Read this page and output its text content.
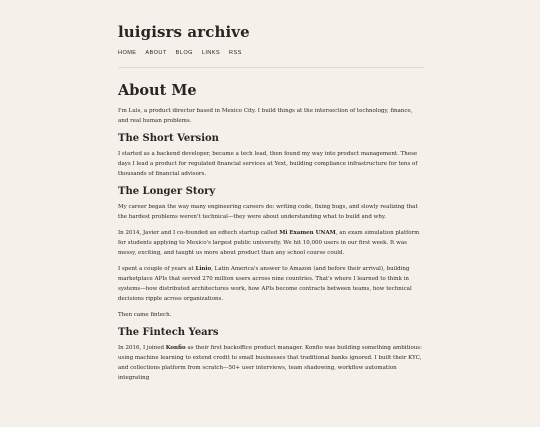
luigisrs archive
HOME ABOUT BLOG LINKS RSS
About Me

I'm Luis, a product director based in Mexico City. I build things at the intersection of technology, finance, and real human problems.

The Short Version

I started as a backend developer, became a tech lead, then found my way into product management. These days I lead a product for regulated financial services at Yext, building compliance infrastructure for tens of thousands of financial advisors.

The Longer Story

My career began the way many engineering careers do: writing code, fixing bugs, and slowly realizing that the hardest problems weren't technical—they were about understanding what to build and why.

In 2014, Javier and I co-founded an edtech startup called Mi Examen UNAM, an exam simulation platform for students applying to Mexico's largest public university. We hit 10,000 users in our first week. It was messy, exciting, and taught us more about product than any school course could.

I spent a couple of years at Linio, Latin America's answer to Amazon (and before their arrival), building marketplace APIs that served 270 million users across nine countries. That's where I learned to think in systems—how distributed architectures work, how APIs become contracts between teams, how technical decisions ripple across organizations.

Then came fintech.

The Fintech Years

In 2016, I joined Konfio as their first backoffice product manager. Konfio was building something ambitious: using machine learning to extend credit to small businesses that traditional banks ignored. I built their KYC, and collections platform from scratch—50+ user interviews, team shadowing, workflow automation integrating
